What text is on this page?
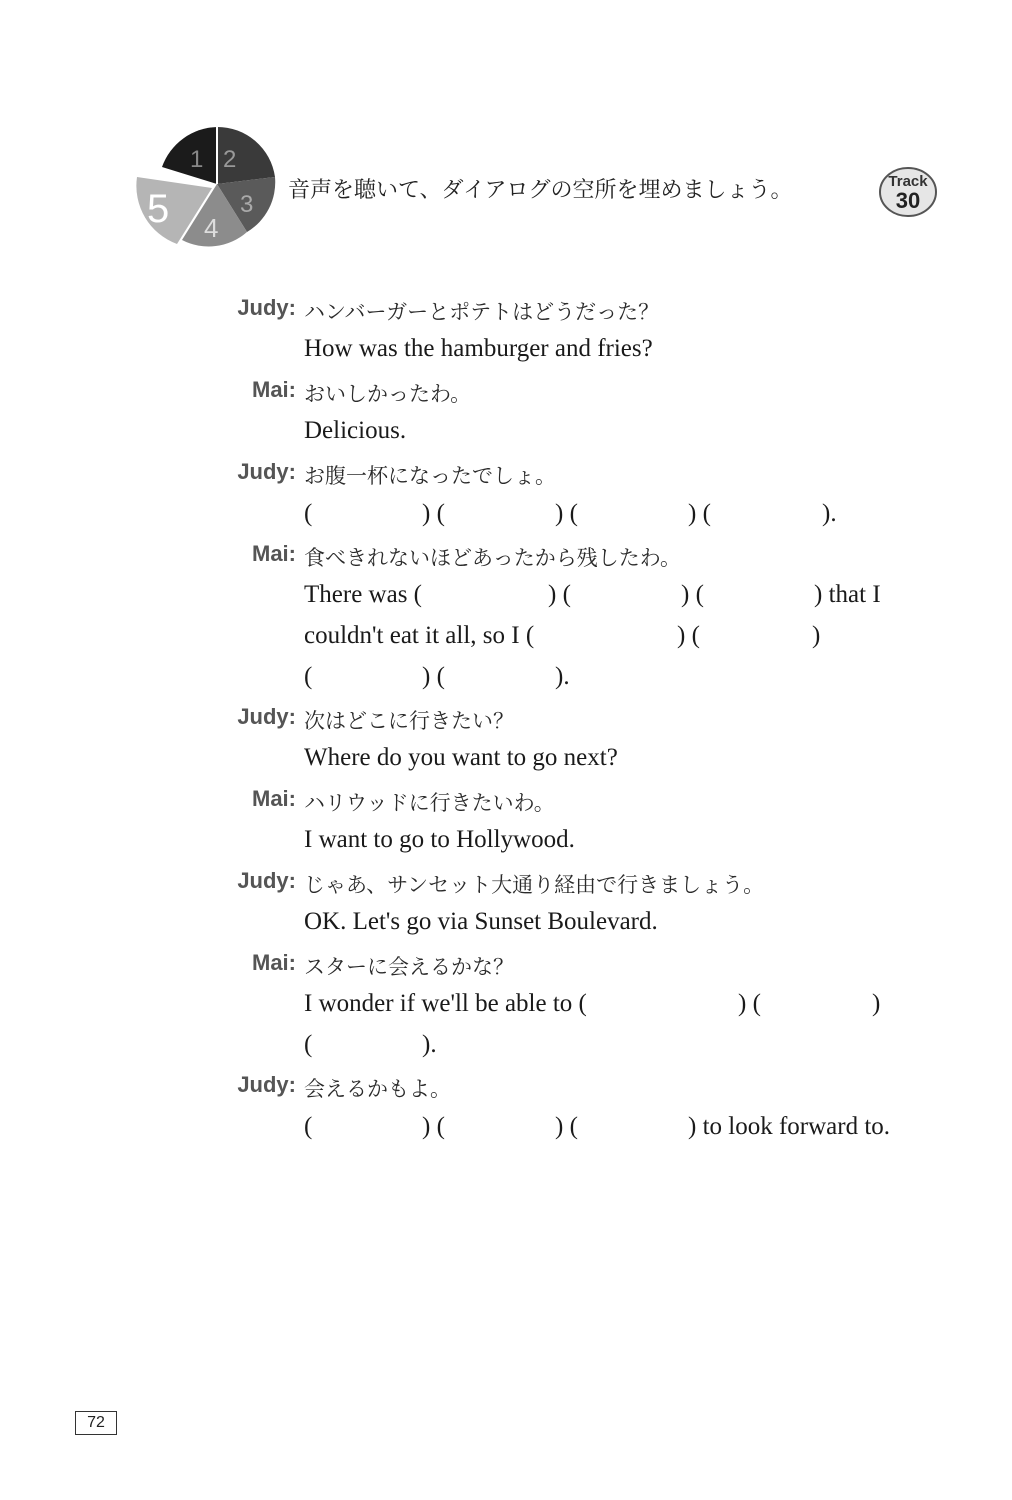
1 2
3
4
5	音声を聴いて、ダイアログの空所を埋めましょう。	Track
30
Judy: ハンバーガーとポテトはどうだった？
How was the hamburger and fries?
Mai: おいしかったわ。
Delicious.
Judy: お腹一杯になったでしょ。
(	) (	) (	) (	).
Mai: 食べきれないほどあったから残したわ。
There was (	) (	) (	) that I
couldn't eat it all, so I (	) (	)
(	) (	).
Judy: 次はどこに行きたい？
Where do you want to go next?
Mai: ハリウッドに行きたいわ。
I want to go to Hollywood.
Judy: じゃあ、サンセット大通り経由で行きましょう。
OK. Let's go via Sunset Boulevard.
Mai: スターに会えるかな？
I wonder if we'll be able to (	) (	)
(	).
Judy: 会えるかもよ。
(	) (	) (	) to look forward to.
72
